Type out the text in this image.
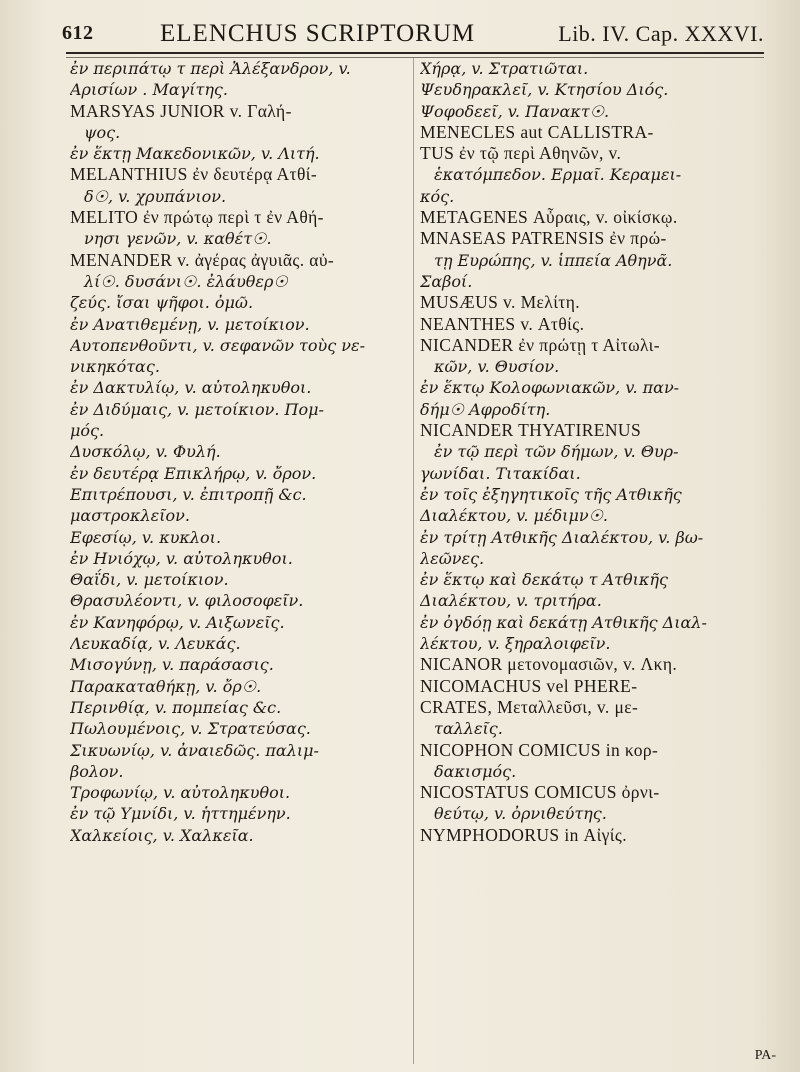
612	ELENCHUS SCRIPTORUM	Lib. IV. Cap. XXXVI.
ἐν περιπάτῳ τ περὶ Ἀλέξανδρον, v.
Αρισίων . Μαγίτης.
MARSYAS JUNIOR v. Γαλή-
ψος.
ἐν ἕκτῃ Μακεδονικῶν, v. Λιτή.
MELANTHIUS ἐν δευτέρᾳ Ατθί-
δ☉, v. χρυπάνιον.
MELITO ἐν πρώτῳ περὶ τ ἐν Αθή-
νησι γενῶν, v. καθέτ☉.
MENANDER v. ἀγέρας ἀγυιᾶς. αὐ-
λί☉. δυσάνι☉. ἐλάυθερ☉
ζεύς. ἴσαι ψῆφοι. ὀμῶ.
ἐν Ανατιθεμένῃ, v. μετοίκιον.
Αυτοπενθοῦντι, v. σεφανῶν τοὺς νε-
νικηκότας.
ἐν Δακτυλίῳ, v. αὐτοληκυθοι.
ἐν Διδύμαις, v. μετοίκιον. Πομ-
μός.
Δυσκόλῳ, v. Φυλή.
ἐν δευτέρᾳ Επικλήρῳ, v. ὄρον.
Επιτρέπουσι, v. ἐπιτροπῇ &c.
μαστροκλεῖον.
Εφεσίῳ, v. κυκλοι.
ἐν Ηνιόχῳ, v. αὐτοληκυθοι.
Θαΐδι, v. μετοίκιον.
Θρασυλέοντι, v. φιλοσοφεῖν.
ἐν Κανηφόρῳ, v. Αιξωνεῖς.
Λευκαδίᾳ, v. Λευκάς.
Μισογύνῃ, v. παράσασις.
Παρακαταθήκῃ, v. ὄρ☉.
Περινθίᾳ, v. πομπείας &c.
Πωλουμένοις, v. Στρατεύσας.
Σικυωνίῳ, v. ἀναιεδῶς. παλιμ-
βολον.
Τροφωνίῳ, v. αὐτοληκυθοι.
ἐν τῷ Υμνίδι, v. ἡττημένην.
Χαλκείοις, v. Χαλκεῖα.
Χήρᾳ, v. Στρατιῶται.
Ψευδηρακλεῖ, v. Κτησίου Διός.
Ψοφοδεεῖ, v. Πανακτ☉.
MENECLES aut CALLISTRA-
TUS ἐν τῷ περὶ Αθηνῶν, v.
ἑκατόμπεδον. Ερμαῖ. Κεραμει-
κός.
METAGENES Αὖραις, v. οἰκίσκῳ.
MNASEAS PATRENSIS ἐν πρώ-
τῃ Ευρώπης, v. ἱππεία Αθηνᾶ.
Σαβοί.
MUSÆUS v. Μελίτη.
NEANTHES v. Ατθίς.
NICANDER ἐν πρώτῃ τ Αἰτωλι-
κῶν, v. Θυσίον.
ἐν ἕκτῳ Κολοφωνιακῶν, v. παν-
δήμ☉ Αφροδίτη.
NICANDER THYATIRENUS
ἐν τῷ περὶ τῶν δήμων, v. Θυρ-
γωνίδαι. Τιτακίδαι.
ἐν τοῖς ἐξηγητικοῖς τῆς Ατθικῆς
Διαλέκτου, v. μέδιμν☉.
ἐν τρίτῃ Ατθικῆς Διαλέκτου, v. βω-
λεῶνες.
ἐν ἕκτῳ καὶ δεκάτῳ τ Ατθικῆς
Διαλέκτου, v. τριτήρα.
ἐν ὀγδόῃ καὶ δεκάτῃ Ατθικῆς Διαλ-
λέκτου, v. ξηραλοιφεῖν.
NICANOR μετονομασιῶν, v. Λκη.
NICOMACHUS vel PHERE-
CRATES, Μεταλλεῦσι, v. με-
ταλλεῖς.
NICOPHON COMICUS in κορ-
δακισμός.
NICOSTATUS COMICUS ὀρνι-
θεύτῳ, v. ὀρνιθεύτης.
NYMPHODORUS in Αἰγίς.
PA-
